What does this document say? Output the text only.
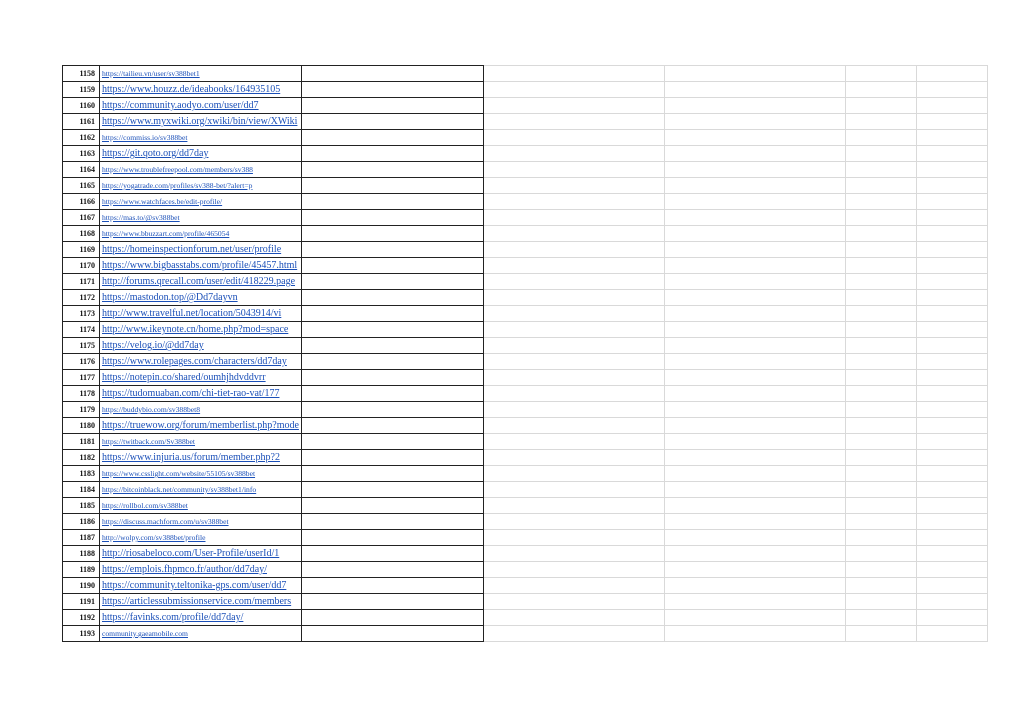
1158	https://tailieu.vn/user/sv388bet1					
1159	https://www.houzz.de/ideabooks/164935105					
1160	https://community.aodyo.com/user/dd7					
1161	https://www.myxwiki.org/xwiki/bin/view/XWiki					
1162	https://commiss.io/sv388bet					
1163	https://git.qoto.org/dd7day					
1164	https://www.troublefreepool.com/members/sv388					
1165	https://yogatrade.com/profiles/sv388-bet/?alert=p					
1166	https://www.watchfaces.be/edit-profile/					
1167	https://mas.to/@sv388bet					
1168	https://www.bbuzzart.com/profile/465054					
1169	https://homeinspectionforum.net/user/profile					
1170	https://www.bigbasstabs.com/profile/45457.html					
1171	http://forums.qrecall.com/user/edit/418229.page					
1172	https://mastodon.top/@Dd7dayvn					
1173	http://www.travelful.net/location/5043914/vi					
1174	http://www.ikeynote.cn/home.php?mod=space					
1175	https://velog.io/@dd7day					
1176	https://www.rolepages.com/characters/dd7day					
1177	https://notepin.co/shared/oumhjhdvddvrr					
1178	https://tudomuaban.com/chi-tiet-rao-vat/177					
1179	https://buddybio.com/sv388bet8					
1180	https://truewow.org/forum/memberlist.php?mode					
1181	https://twitback.com/Sv388bet					
1182	https://www.injuria.us/forum/member.php?2					
1183	https://www.csslight.com/website/55105/sv388bet					
1184	https://bitcoinblack.net/community/sv388bet1/info					
1185	https://rollbol.com/sv388bet					
1186	https://discuss.machform.com/u/sv388bet					
1187	http://wolpy.com/sv388bet/profile					
1188	http://riosabeloco.com/User-Profile/userId/1					
1189	https://emplois.fhpmco.fr/author/dd7day/					
1190	https://community.teltonika-gps.com/user/dd7					
1191	https://articlessubmissionservice.com/members					
1192	https://favinks.com/profile/dd7day/					
1193	community.gaeamobile.com					
